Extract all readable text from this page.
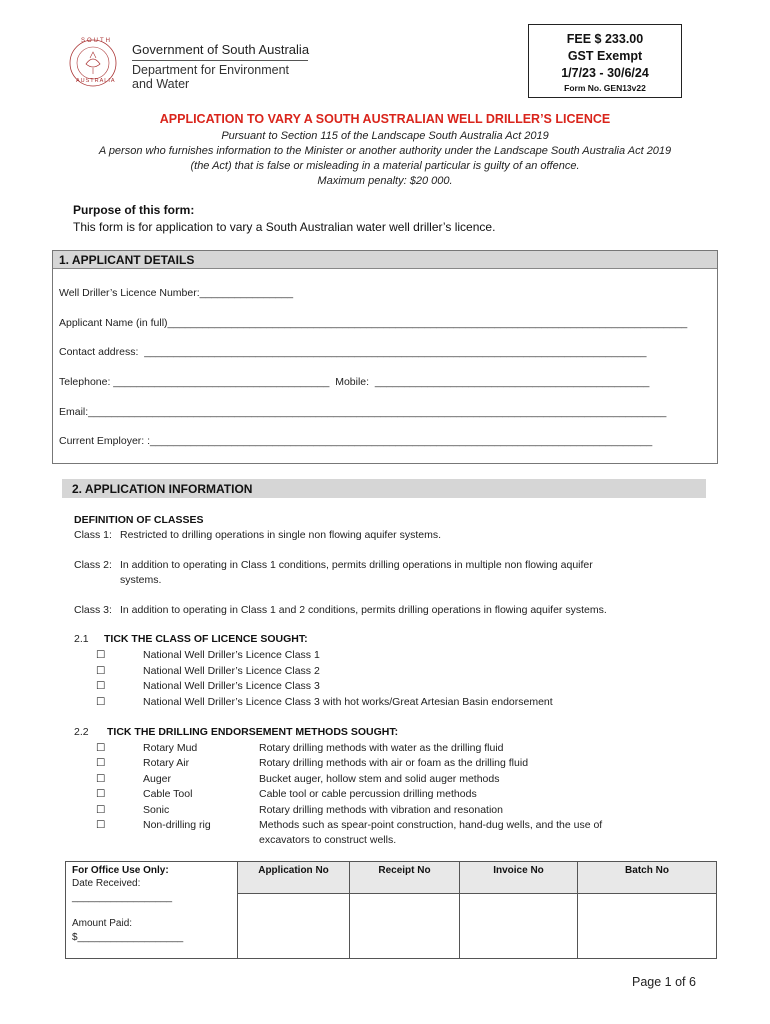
SOUTH
AUSTRALIA
Government of South Australia
Department for Environment
and Water
FEE $ 233.00
GST Exempt
1/7/23 - 30/6/24
Form No. GEN13v22
APPLICATION TO VARY A SOUTH AUSTRALIAN WELL DRILLER’S LICENCE
Pursuant to Section 115 of the Landscape South Australia Act 2019
A person who furnishes information to the Minister or another authority under the Landscape South Australia Act 2019
(the Act) that is false or misleading in a material particular is guilty of an offence.
Maximum penalty: $20 000.
Purpose of this form:
This form is for application to vary a South Australian water well driller’s licence.
1. APPLICANT DETAILS
Well Driller’s Licence Number:________________
Applicant Name (in full)_________________________________________________________________________________________
Contact address:  ______________________________________________________________________________________
Telephone: _____________________________________  Mobile:  _______________________________________________
Email:___________________________________________________________________________________________________
Current Employer: :______________________________________________________________________________________
2. APPLICATION INFORMATION
DEFINITION OF CLASSES
Class 1: Restricted to drilling operations in single non flowing aquifer systems.
Class 2: In addition to operating in Class 1 conditions, permits drilling operations in multiple non flowing aquifer
systems.
Class 3: In addition to operating in Class 1 and 2 conditions, permits drilling operations in flowing aquifer systems.
2.1 TICK THE CLASS OF LICENCE SOUGHT:
☐	National Well Driller’s Licence Class 1
☐	National Well Driller’s Licence Class 2
☐	National Well Driller’s Licence Class 3
☐	National Well Driller’s Licence Class 3 with hot works/Great Artesian Basin endorsement
2.2 TICK THE DRILLING ENDORSEMENT METHODS SOUGHT:
☐	Rotary Mud	Rotary drilling methods with water as the drilling fluid
☐	Rotary Air	Rotary drilling methods with air or foam as the drilling fluid
☐	Auger	Bucket auger, hollow stem and solid auger methods
☐	Cable Tool	Cable tool or cable percussion drilling methods
☐	Sonic	Rotary drilling methods with vibration and resonation
☐	Non-drilling rig	Methods such as spear-point construction, hand-dug wells, and the use of
excavators to construct wells.
For Office Use Only:
Date Received:
__________________
Amount Paid:
$___________________
Application No	Receipt No	Invoice No	Batch No
Page 1 of 6
